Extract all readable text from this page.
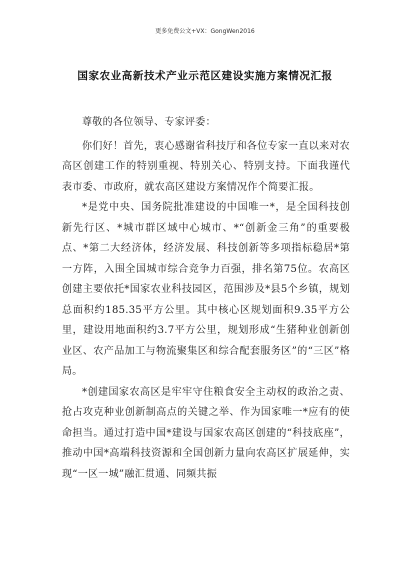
更多免费公文+VX：GongWen2016
国家农业高新技术产业示范区建设实施方案情况汇报

尊敬的各位领导、专家评委：

你们好！首先，衷心感谢省科技厅和各位专家一直以来对农高区创建工作的特别重视、特别关心、特别支持。下面我谨代表市委、市政府，就农高区建设方案情况作个简要汇报。

*是党中央、国务院批准建设的中国唯一*，是全国科技创新先行区、*城市群区域中心城市、*“创新金三角”的重要极点、*第二大经济体，经济发展、科技创新等多项指标稳居*第一方阵，入围全国城市综合竞争力百强，排名第75位。农高区创建主要依托*国家农业科技园区，范围涉及*县5个乡镇，规划总面积约185.35平方公里。其中核心区规划面积9.35平方公里，建设用地面积约3.7平方公里，规划形成“生猪种业创新创业区、农产品加工与物流聚集区和综合配套服务区”的“三区”格局。

*创建国家农高区是牢牢守住粮食安全主动权的政治之责、抢占攻克种业创新制高点的关键之举、作为国家唯一*应有的使命担当。通过打造中国*建设与国家农高区创建的“科技底座”，推动中国*高端科技资源和全国创新力量向农高区扩展延伸，实现“一区一城”融汇贯通、同频共振
